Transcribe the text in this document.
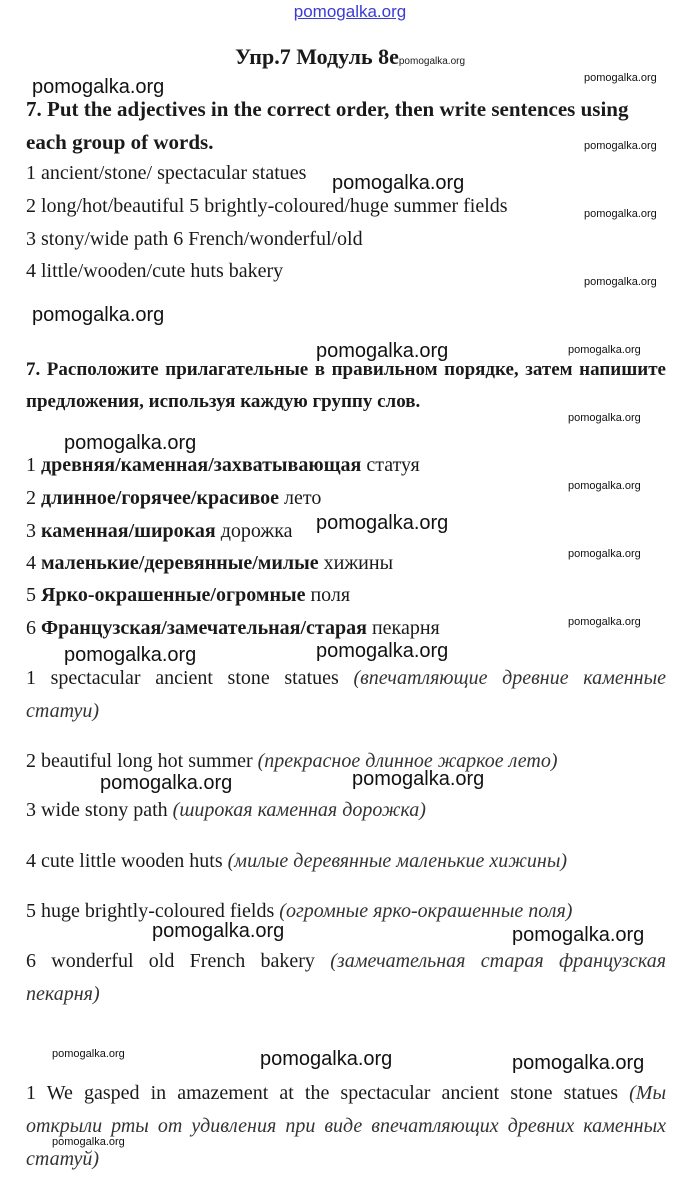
pomogalka.org
Упр.7 Модуль 8еpomogalka.org
pomogalka.org	pomogalka.org
pomogalka.org
pomogalka.org
pomogalka.org
pomogalka.org
pomogalka.org
pomogalka.org	pomogalka.org
pomogalka.org
pomogalka.org
pomogalka.org
pomogalka.org
pomogalka.org
pomogalka.org
pomogalka.org
pomogalka.org
pomogalka.org
pomogalka.org
pomogalka.org	pomogalka.org
pomogalka.org	pomogalka.org	pomogalka.org
pomogalka.org
7. Put the adjectives in the correct order, then write sentences using each group of words.
1 ancient/stone/ spectacular statues
2 long/hot/beautiful 5 brightly-coloured/huge summer fields
3 stony/wide path 6 French/wonderful/old
4 little/wooden/cute huts bakery
7. Расположите прилагательные в правильном порядке, затем напишите предложения, используя каждую группу слов.
1 древняя/каменная/захватывающая статуя
2 длинное/горячее/красивое лето
3 каменная/широкая дорожка
4 маленькие/деревянные/милые хижины
5 Ярко-окрашенные/огромные поля
6 Французская/замечательная/старая пекарня
1 spectacular ancient stone statues (впечатляющие древние каменные статуи)
2 beautiful long hot summer (прекрасное длинное жаркое лето)
3 wide stony path (широкая каменная дорожка)
4 cute little wooden huts (милые деревянные маленькие хижины)
5 huge brightly-coloured fields (огромные ярко-окрашенные поля)
6 wonderful old French bakery (замечательная старая французская пекарня)
1 We gasped in amazement at the spectacular ancient stone statues (Мы открыли рты от удивления при виде впечатляющих древних каменных статуй)
